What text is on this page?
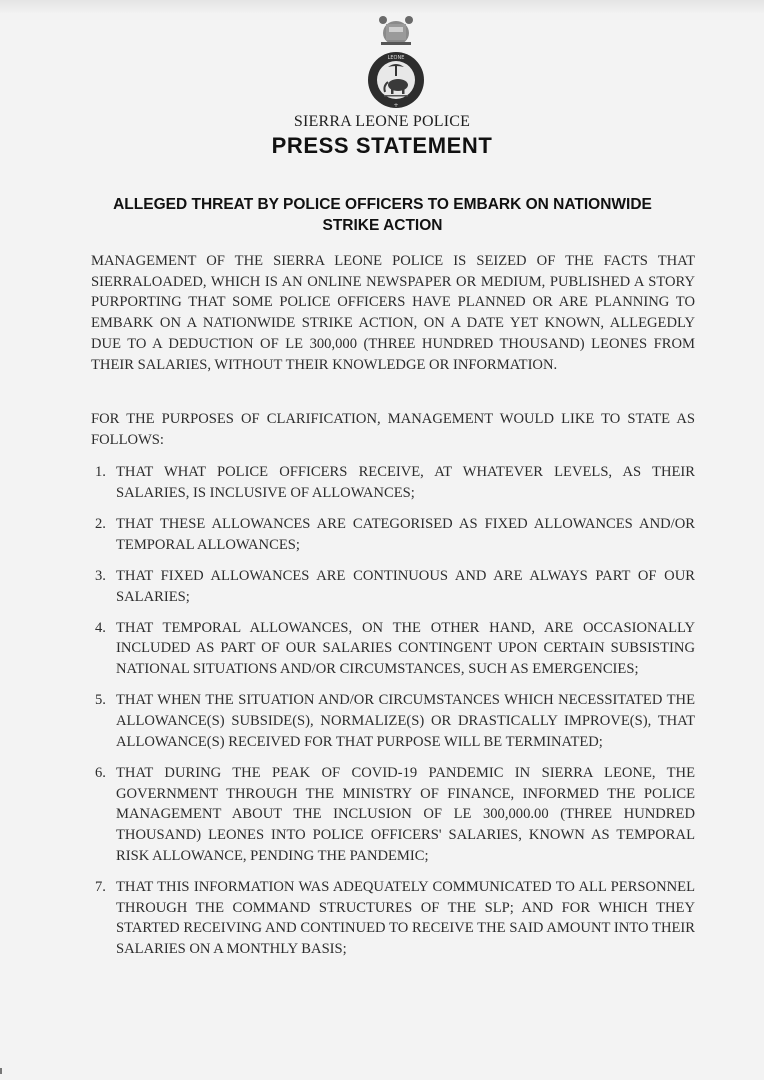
LEONE
+
SIERRA LEONE POLICE
PRESS STATEMENT
ALLEGED THREAT BY POLICE OFFICERS TO EMBARK ON NATIONWIDE STRIKE ACTION

MANAGEMENT OF THE SIERRA LEONE POLICE IS SEIZED OF THE FACTS THAT SIERRALOADED, WHICH IS AN ONLINE NEWSPAPER OR MEDIUM, PUBLISHED A STORY PURPORTING THAT SOME POLICE OFFICERS HAVE PLANNED OR ARE PLANNING TO EMBARK ON A NATIONWIDE STRIKE ACTION, ON A DATE YET KNOWN, ALLEGEDLY DUE TO A DEDUCTION OF LE 300,000 (THREE HUNDRED THOUSAND) LEONES FROM THEIR SALARIES, WITHOUT THEIR KNOWLEDGE OR INFORMATION.

FOR THE PURPOSES OF CLARIFICATION, MANAGEMENT WOULD LIKE TO STATE AS FOLLOWS:

1. THAT WHAT POLICE OFFICERS RECEIVE, AT WHATEVER LEVELS, AS THEIR SALARIES, IS INCLUSIVE OF ALLOWANCES;
2. THAT THESE ALLOWANCES ARE CATEGORISED AS FIXED ALLOWANCES AND/OR TEMPORAL ALLOWANCES;
3. THAT FIXED ALLOWANCES ARE CONTINUOUS AND ARE ALWAYS PART OF OUR SALARIES;
4. THAT TEMPORAL ALLOWANCES, ON THE OTHER HAND, ARE OCCASIONALLY INCLUDED AS PART OF OUR SALARIES CONTINGENT UPON CERTAIN SUBSISTING NATIONAL SITUATIONS AND/OR CIRCUMSTANCES, SUCH AS EMERGENCIES;
5. THAT WHEN THE SITUATION AND/OR CIRCUMSTANCES WHICH NECESSITATED THE ALLOWANCE(S) SUBSIDE(S), NORMALIZE(S) OR DRASTICALLY IMPROVE(S), THAT ALLOWANCE(S) RECEIVED FOR THAT PURPOSE WILL BE TERMINATED;
6. THAT DURING THE PEAK OF COVID-19 PANDEMIC IN SIERRA LEONE, THE GOVERNMENT THROUGH THE MINISTRY OF FINANCE, INFORMED THE POLICE MANAGEMENT ABOUT THE INCLUSION OF LE 300,000.00 (THREE HUNDRED THOUSAND) LEONES INTO POLICE OFFICERS' SALARIES, KNOWN AS TEMPORAL RISK ALLOWANCE, PENDING THE PANDEMIC;
7. THAT THIS INFORMATION WAS ADEQUATELY COMMUNICATED TO ALL PERSONNEL THROUGH THE COMMAND STRUCTURES OF THE SLP; AND FOR WHICH THEY STARTED RECEIVING AND CONTINUED TO RECEIVE THE SAID AMOUNT INTO THEIR SALARIES ON A MONTHLY BASIS;
